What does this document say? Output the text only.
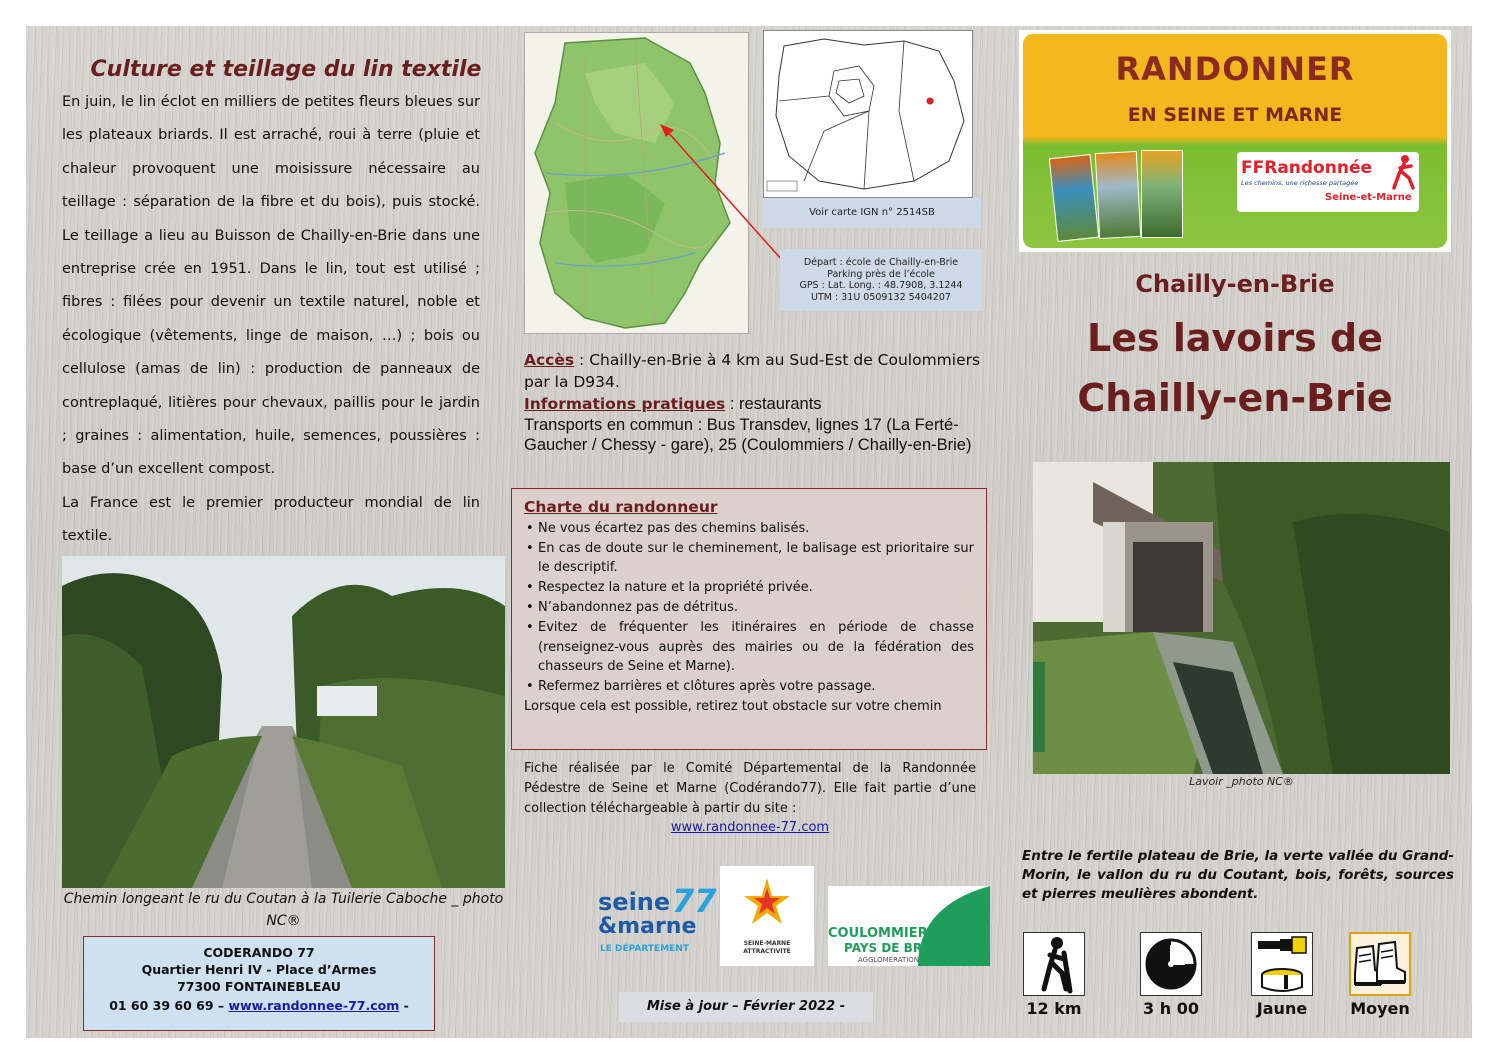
Culture et teillage du lin textile

En juin, le lin éclot en milliers de petites fleurs bleues sur les plateaux briards. Il est arraché, roui à terre (pluie et chaleur provoquent une moisissure nécessaire au teillage : séparation de la fibre et du bois), puis stocké. Le teillage a lieu au Buisson de Chailly-en-Brie dans une entreprise crée en 1951. Dans le lin, tout est utilisé ; fibres : filées pour devenir un textile naturel, noble et écologique (vêtements, linge de maison, …) ; bois ou cellulose (amas de lin) : production de panneaux de contreplaqué, litières pour chevaux, paillis pour le jardin ; graines : alimentation, huile, semences, poussières : base d’un excellent compost.

La France est le premier producteur mondial de lin textile.

Chemin longeant le ru du Coutan à la Tuilerie Caboche _ photo NC®
CODERANDO 77
Quartier Henri IV - Place d’Armes
77300 FONTAINEBLEAU
01 60 39 60 69 – www.randonnee-77.com -
Voir carte IGN n° 2514SB
Départ : école de Chailly-en-Brie
Parking près de l’école
GPS : Lat. Long. : 48.7908, 3.1244
UTM : 31U 0509132 5404207
Accès : Chailly-en-Brie à 4 km au Sud-Est de Coulommiers par la D934.
Informations pratiques : restaurants
Transports en commun : Bus Transdev, lignes 17 (La Ferté-Gaucher / Chessy - gare), 25 (Coulommiers / Chailly-en-Brie)
Charte du randonneur
• Ne vous écartez pas des chemins balisés.
• En cas de doute sur le cheminement, le balisage est prioritaire sur le descriptif.
• Respectez la nature et la propriété privée.
• N’abandonnez pas de détritus.
• Evitez de fréquenter les itinéraires en période de chasse (renseignez-vous auprès des mairies ou de la fédération des chasseurs de Seine et Marne).
• Refermez barrières et clôtures après votre passage.
Lorsque cela est possible, retirez tout obstacle sur votre chemin
Fiche réalisée par le Comité Départemental de la Randonnée Pédestre de Seine et Marne (Codérando77). Elle fait partie d’une collection téléchargeable à partir du site :
www.randonnee-77.com
seine 77
&marne
LE DÉPARTEMENT
SEINE-MARNE ATTRACTIVITÉ
COULOMMIERS
PAYS DE BRIE
AGGLOMÉRATION
Mise à jour – Février 2022 -
RANDONNER
EN SEINE ET MARNE
FFRandonnée
Les chemins, une richesse partagée
Seine-et-Marne
Chailly-en-Brie
Les lavoirs de
Chailly-en-Brie
Lavoir _photo NC®
Entre le fertile plateau de Brie, la verte vallée du Grand-Morin, le vallon du ru du Coutant, bois, forêts, sources et pierres meulières abondent.
12 km	3 h 00	Jaune	Moyen
